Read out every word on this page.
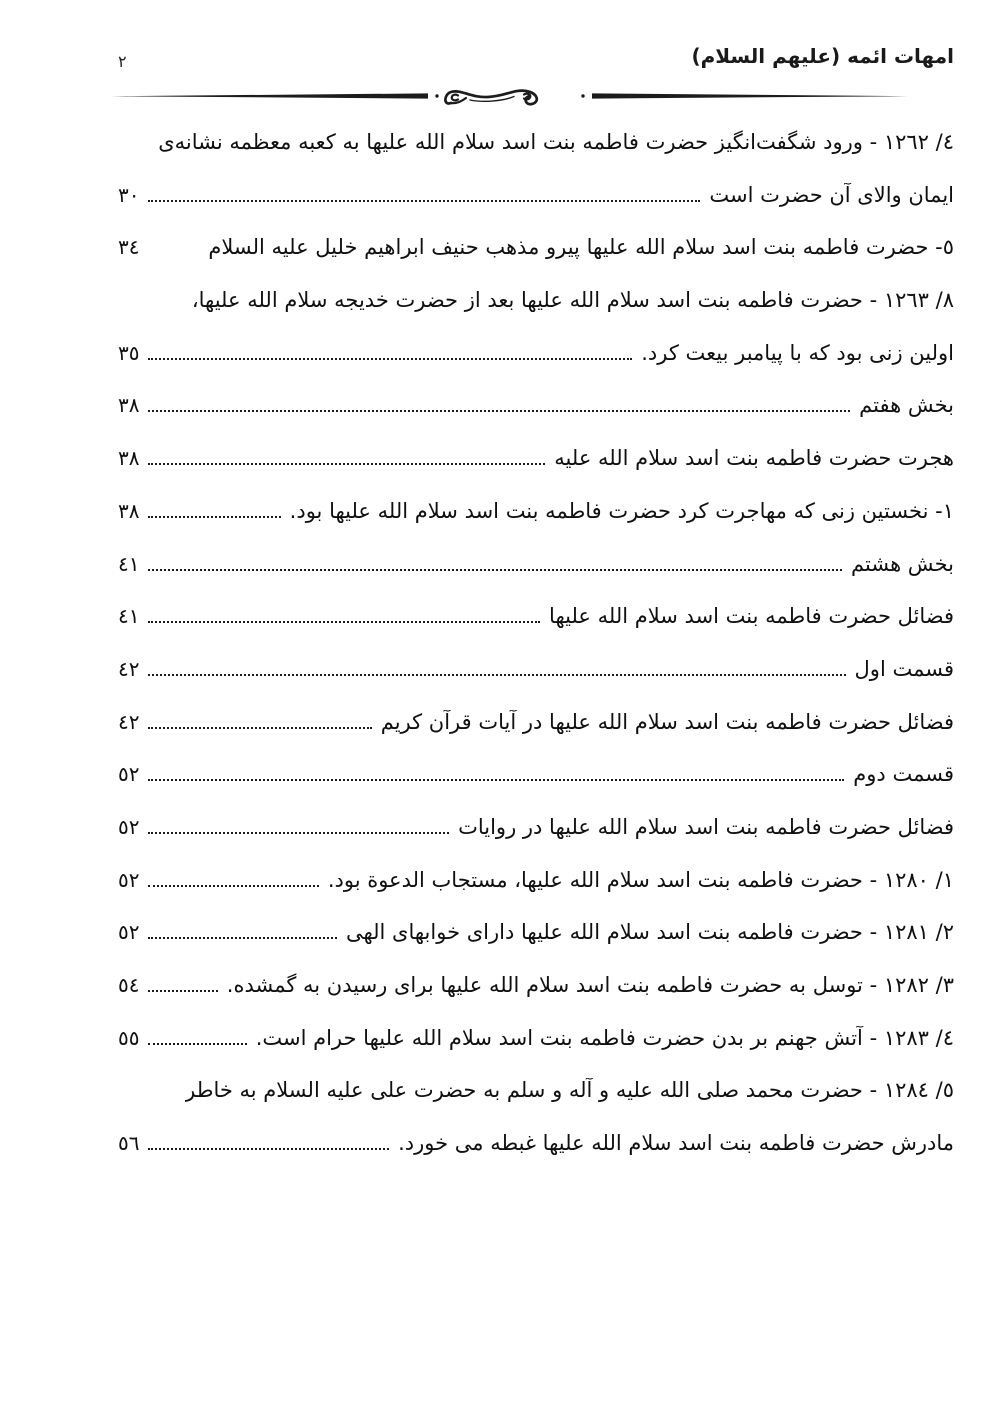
امهات ائمه (علیهم السلام)
٢
٤/ ١٢٦٢ - ورود شگفت‌انگیز حضرت فاطمه بنت اسد سلام الله علیها به کعبه معظمه نشانه‌ی
ایمان والای آن حضرت است
٣٠
٥- حضرت فاطمه بنت اسد سلام الله علیها پیرو مذهب حنیف ابراهیم خلیل علیه السلام
٣٤
٨/ ١٢٦٣ - حضرت فاطمه بنت اسد سلام الله علیها بعد از حضرت خدیجه سلام الله علیها،
اولین زنی بود که با پیامبر بیعت کرد.
٣٥
بخش هفتم
٣٨
هجرت حضرت فاطمه بنت اسد سلام الله علیه
٣٨
١- نخستین زنی که مهاجرت کرد حضرت فاطمه بنت اسد سلام الله علیها بود.
٣٨
بخش هشتم
٤١
فضائل حضرت فاطمه بنت اسد سلام الله علیها
٤١
قسمت اول
٤٢
فضائل حضرت فاطمه بنت اسد سلام الله علیها در آیات قرآن کریم
٤٢
قسمت دوم
٥٢
فضائل حضرت فاطمه بنت اسد سلام الله علیها در روایات
٥٢
١/ ١٢٨٠ - حضرت فاطمه بنت اسد سلام الله علیها، مستجاب الدعوة بود.
٥٢
٢/ ١٢٨١ - حضرت فاطمه بنت اسد سلام الله علیها دارای خوابهای الهی
٥٢
٣/ ١٢٨٢ - توسل به حضرت فاطمه بنت اسد سلام الله علیها برای رسیدن به گمشده.
٥٤
٤/ ١٢٨٣ - آتش جهنم بر بدن حضرت فاطمه بنت اسد سلام الله علیها حرام است.
٥٥
٥/ ١٢٨٤ - حضرت محمد صلی الله علیه و آله و سلم به حضرت علی علیه السلام به خاطر
مادرش حضرت فاطمه بنت اسد سلام الله علیها غبطه می خورد.
٥٦
